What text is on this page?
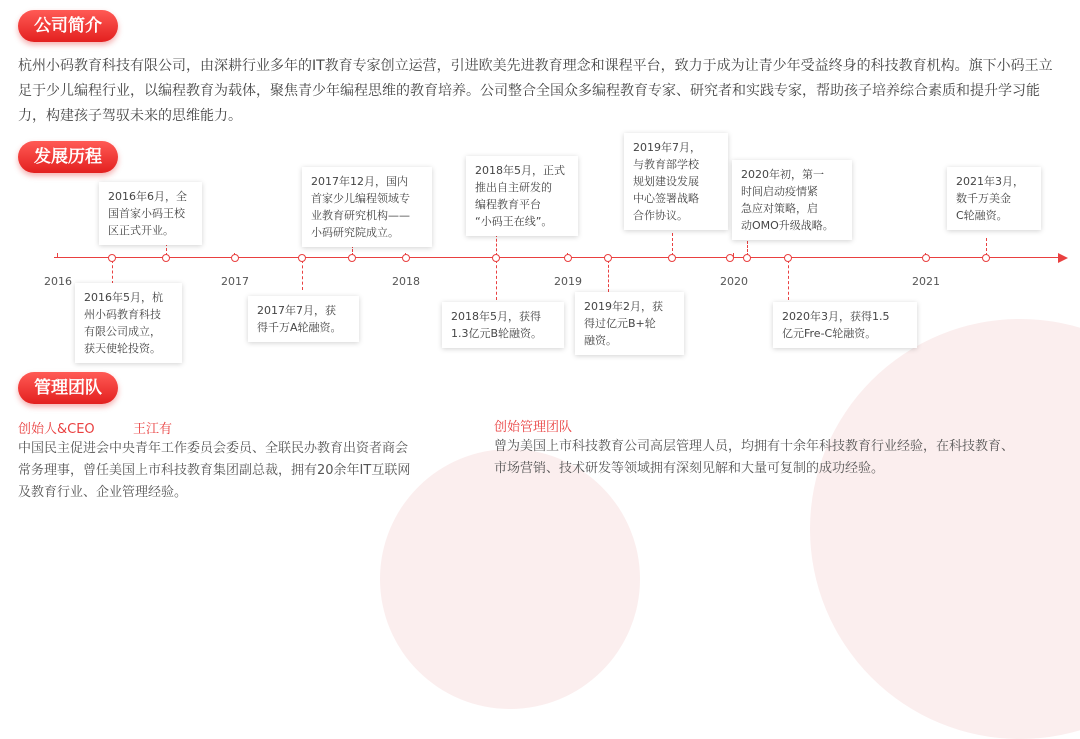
公司简介
杭州小码教育科技有限公司，由深耕行业多年的IT教育专家创立运营，引进欧美先进教育理念和课程平台，致力于成为让青少年受益终身的科技教育机构。旗下小码王立足于少儿编程行业，以编程教育为载体，聚焦青少年编程思维的教育培养。公司整合全国众多编程教育专家、研究者和实践专家，帮助孩子培养综合素质和提升学习能力，构建孩子驾驭未来的思维能力。
发展历程
2016	2017	2018	2019	2020	2021
2016年5月，杭
州小码教育科技
有限公司成立，
获天使轮投资。
2016年6月，全
国首家小码王校
区正式开业。
2017年7月，获
得千万A轮融资。
2017年12月，国内
首家少儿编程领域专
业教育研究机构——
小码研究院成立。
2018年5月，获得
1.3亿元B轮融资。
2018年5月，正式
推出自主研发的
编程教育平台
“小码王在线”。
2019年2月，获
得过亿元B+轮
融资。
2019年7月，
与教育部学校
规划建设发展
中心签署战略
合作协议。
2020年初，第一
时间启动疫情紧
急应对策略，启
动OMO升级战略。
2020年3月，获得1.5
亿元Fre-C轮融资。
2021年3月，
数千万美金
C轮融资。
管理团队
创始人&CEO	王江有
中国民主促进会中央青年工作委员会委员、全联民办教育出资者商会
常务理事，曾任美国上市科技教育集团副总裁，拥有20余年IT互联网
及教育行业、企业管理经验。
创始管理团队
曾为美国上市科技教育公司高层管理人员，均拥有十余年科技教育行业经验，在科技教育、
市场营销、技术研发等领域拥有深刻见解和大量可复制的成功经验。
